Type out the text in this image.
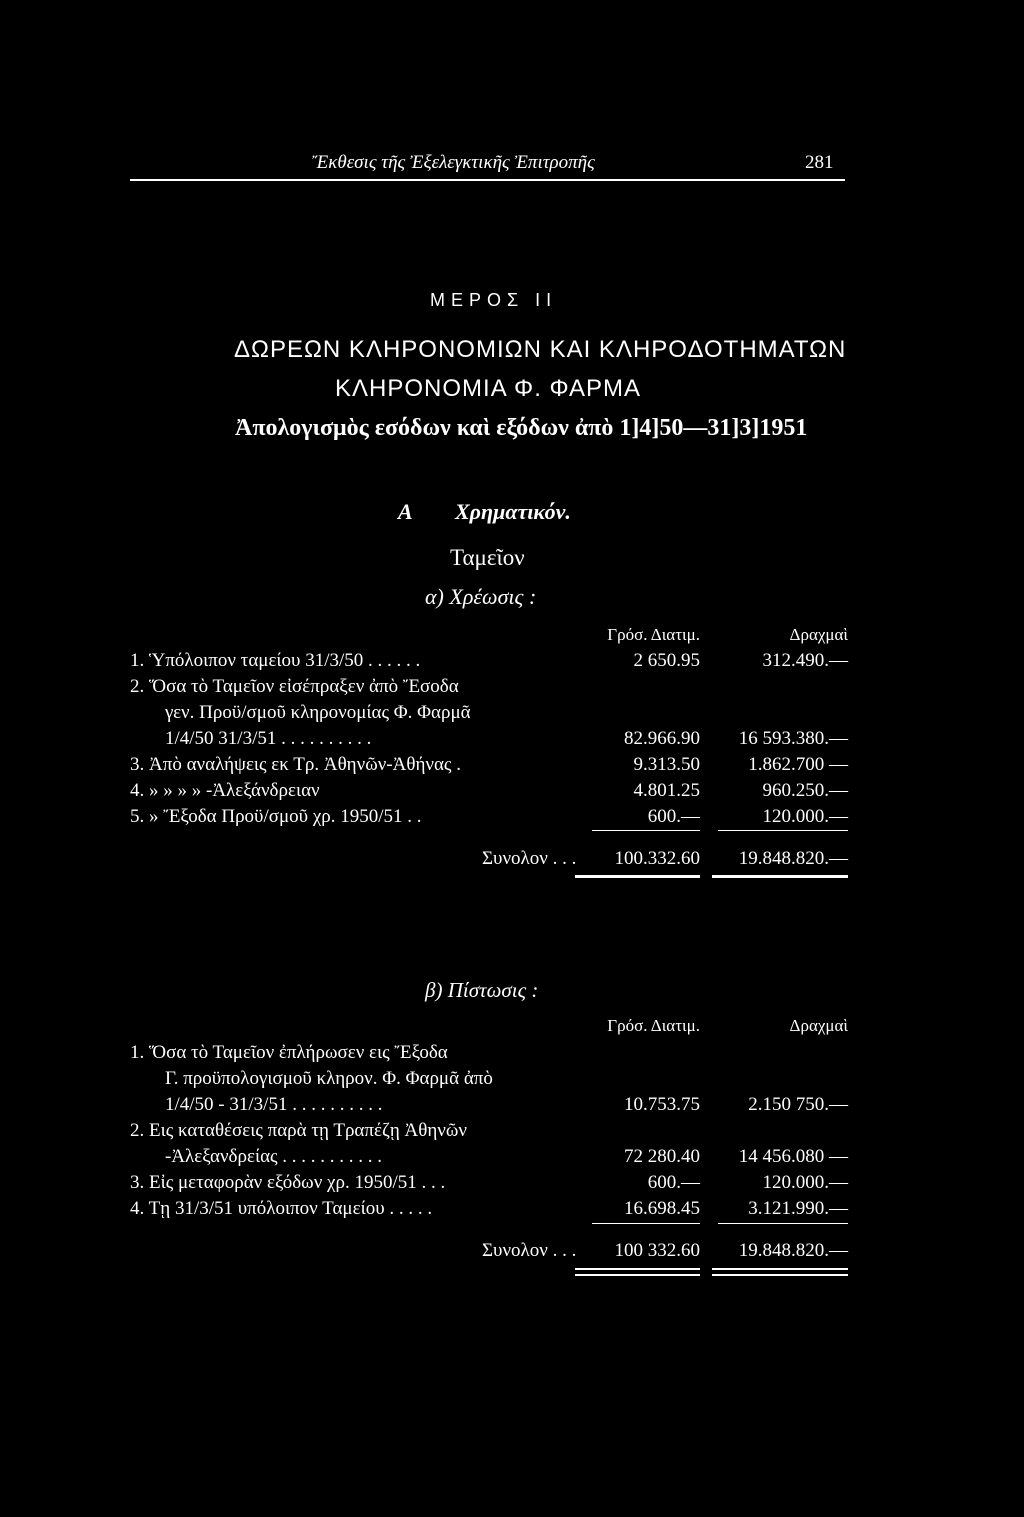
Ἔκθεσις τῆς Ἐξελεγκτικῆς Ἐπιτροπῆς	281
ΜΕΡΟΣ ΙΙ
ΔΩΡΕΩΝ ΚΛΗΡΟΝΟΜΙΩΝ ΚΑΙ ΚΛΗΡΟΔΟΤΗΜΑΤΩΝ
ΚΛΗΡΟΝΟΜΙΑ Φ. ΦΑΡΜΑ
Ἀπολογισμὸς εσόδων καὶ εξόδων ἀπὸ 1]4]50—31]3]1951
Α Χρηματικόν.
Ταμεῖον
α) Χρέωσις :
Γρόσ. Διατιμ.	Δραχμαὶ
1. Ὑπόλοιπον ταμείου 31/3/50 . . . . . .	2 650.95	312.490.—
2. Ὅσα τὸ Ταμεῖον εἰσέπραξεν ἀπὸ Ἔσοδα
γεν. Προϋ/σμοῦ κληρονομίας Φ. Φαρμᾶ
1/4/50 31/3/51 . . . . . . . . . .	82.966.90	16 593.380.—
3. Ἀπὸ αναλήψεις εκ Τρ. Ἀθηνῶν-Ἀθήνας .	9.313.50	1.862.700 —
4. » » » » -Ἀλεξάνδρειαν	4.801.25	960.250.—
5. » Ἔξοδα Προϋ/σμοῦ χρ. 1950/51 . .	600.—	120.000.—
Συνολον . . .	100.332.60	19.848.820.—
β) Πίστωσις :
Γρόσ. Διατιμ.	Δραχμαὶ
1. Ὅσα τὸ Ταμεῖον ἐπλήρωσεν εις Ἔξοδα
Γ. προϋπολογισμοῦ κληρον. Φ. Φαρμᾶ ἀπὸ
1/4/50 - 31/3/51 . . . . . . . . . .	10.753.75	2.150 750.—
2. Εις καταθέσεις παρὰ τῃ Τραπέζῃ Ἀθηνῶν
-Ἀλεξανδρείας . . . . . . . . . . .	72 280.40	14 456.080 —
3. Εἰς μεταφορὰν εξόδων χρ. 1950/51 . . .	600.—	120.000.—
4. Τῃ 31/3/51 υπόλοιπον Ταμείου . . . . .	16.698.45	3.121.990.—
Συνολον . . .	100 332.60	19.848.820.—
